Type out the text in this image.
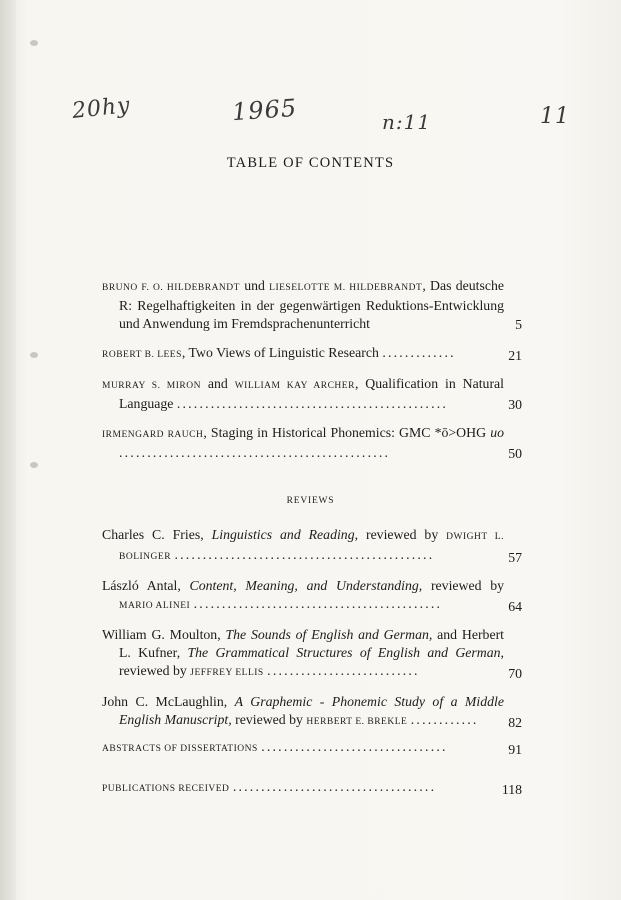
20hy	1965	n:11	11
TABLE OF CONTENTS
BRUNO F. O. HILDEBRANDT und LIESELOTTE M. HILDEBRANDT, Das deutsche R: Regelhaftigkeiten in der gegenwärtigen Reduktions-Entwicklung und Anwendung im Fremdsprachenunterricht	5
ROBERT B. LEES, Two Views of Linguistic Research .............	21
MURRAY S. MIRON and WILLIAM KAY ARCHER, Qualification in Natural Language ................................................	30
IRMENGARD RAUCH, Staging in Historical Phonemics: GMC *ō>OHG uo ................................................	50
REVIEWS
Charles C. Fries, Linguistics and Reading, reviewed by DWIGHT L. BOLINGER ..............................................	57
László Antal, Content, Meaning, and Understanding, reviewed by MARIO ALINEI ............................................	64
William G. Moulton, The Sounds of English and German, and Herbert L. Kufner, The Grammatical Structures of English and German, reviewed by JEFFREY ELLIS ...........................	70
John C. McLaughlin, A Graphemic - Phonemic Study of a Middle English Manuscript, reviewed by HERBERT E. BREKLE ............	82
ABSTRACTS OF DISSERTATIONS .................................	91
PUBLICATIONS RECEIVED ....................................	118
